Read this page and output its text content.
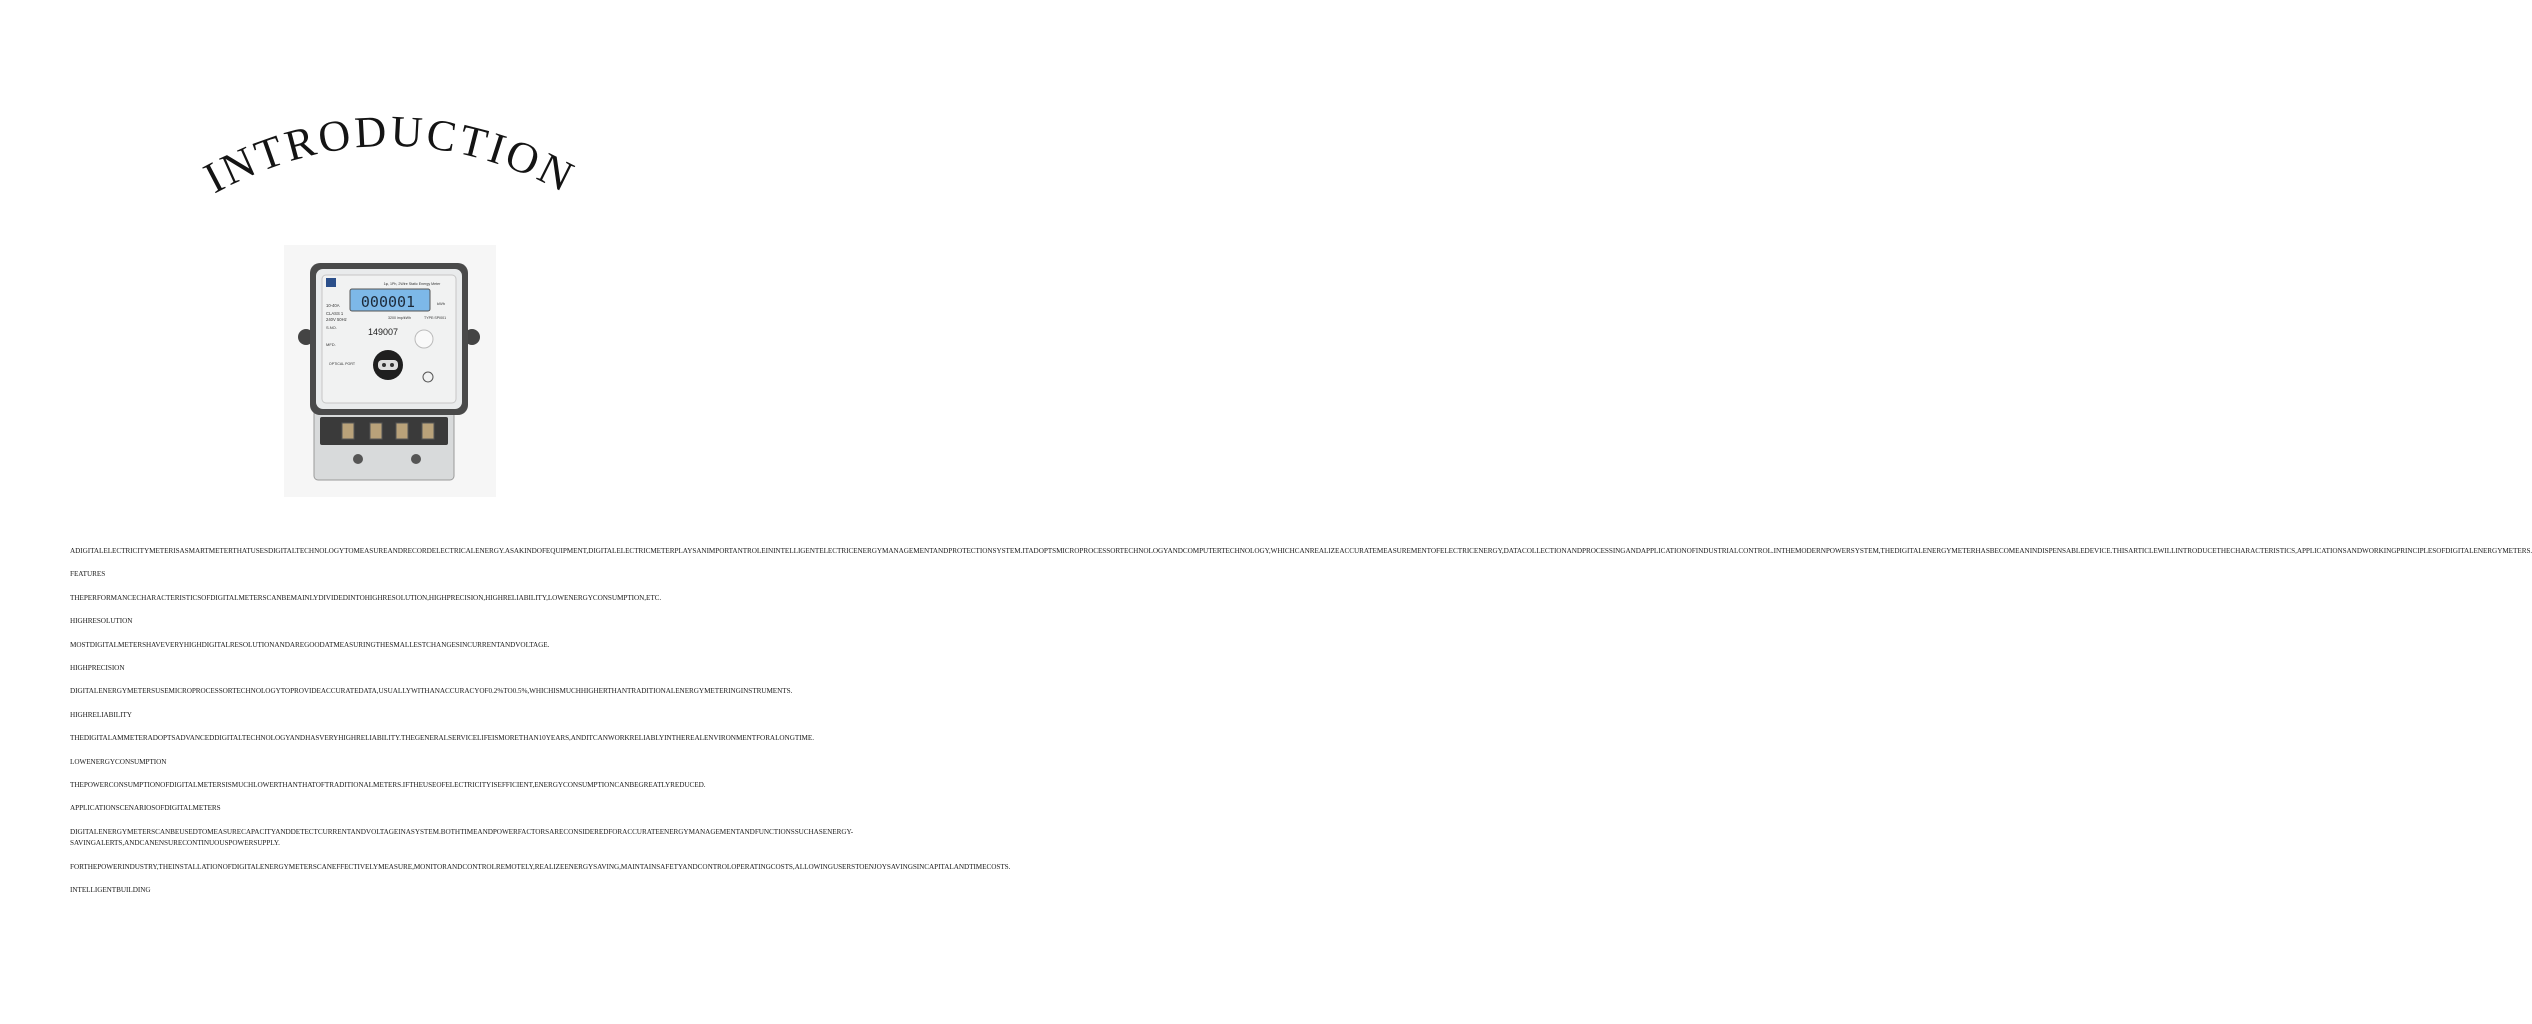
INTRODUCTION
1φ, 1Ph, 2Wire Static Energy Meter
000001	kWh
10-40A
CLASS 1
240V 50Hz	3200 imp/kWh	TYPE:SPI001
S.NO.	149007
MFD.
OPTICAL PORT

ADIGITALELECTRICITYMETERISASMARTMETERTHATUSESDIGITALTECHNOLOGYTOMEASUREANDRECORDELECTRICALENERGY.ASAKINDOFEQUIPMENT,DIGITALELECTRICMETERPLAYSANIMPORTANTROLEININTELLIGENTELECTRICENERGYMANAGEMENTANDPROTECTIONSYSTEM.ITADOPTSMICROPROCESSORTECHNOLOGYANDCOMPUTERTECHNOLOGY,WHICHCANREALIZEACCURATEMEASUREMENTOFELECTRICENERGY,DATACOLLECTIONANDPROCESSINGANDAPPLICATIONOFINDUSTRIALCONTROL.INTHEMODERNPOWERSYSTEM,THEDIGITALENERGYMETERHASBECOMEANINDISPENSABLEDEVICE.THISARTICLEWILLINTRODUCETHECHARACTERISTICS,APPLICATIONSANDWORKINGPRINCIPLESOFDIGITALENERGYMETERS.

FEATURES

THEPERFORMANCECHARACTERISTICSOFDIGITALMETERSCANBEMAINLYDIVIDEDINTOHIGHRESOLUTION,HIGHPRECISION,HIGHRELIABILITY,LOWENERGYCONSUMPTION,ETC.

HIGHRESOLUTION

MOSTDIGITALMETERSHAVEVERYHIGHDIGITALRESOLUTIONANDAREGOODATMEASURINGTHESMALLESTCHANGESINCURRENTANDVOLTAGE.

HIGHPRECISION

DIGITALENERGYMETERSUSEMICROPROCESSORTECHNOLOGYTOPROVIDEACCURATEDATA,USUALLYWITHANACCURACYOF0.2%TO0.5%,WHICHISMUCHHIGHERTHANTRADITIONALENERGYMETERINGINSTRUMENTS.

HIGHRELIABILITY

THEDIGITALAMMETERADOPTSADVANCEDDIGITALTECHNOLOGYANDHASVERYHIGHRELIABILITY.THEGENERALSERVICELIFEISMORETHAN10YEARS,ANDITCANWORKRELIABLYINTHEREALENVIRONMENTFORALONGTIME.

LOWENERGYCONSUMPTION

THEPOWERCONSUMPTIONOFDIGITALMETERSISMUCHLOWERTHANTHATOFTRADITIONALMETERS.IFTHEUSEOFELECTRICITYISEFFICIENT,ENERGYCONSUMPTIONCANBEGREATLYREDUCED.

APPLICATIONSCENARIOSOFDIGITALMETERS

DIGITALENERGYMETERSCANBEUSEDTOMEASURECAPACITYANDDETECTCURRENTANDVOLTAGEINASYSTEM.BOTHTIMEANDPOWERFACTORSARECONSIDEREDFORACCURATEENERGYMANAGEMENTANDFUNCTIONSSUCHASENERGY-SAVINGALERTS,ANDCANENSURECONTINUOUSPOWERSUPPLY.

FORTHEPOWERINDUSTRY,THEINSTALLATIONOFDIGITALENERGYMETERSCANEFFECTIVELYMEASURE,MONITORANDCONTROLREMOTELY,REALIZEENERGYSAVING,MAINTAINSAFETYANDCONTROLOPERATINGCOSTS,ALLOWINGUSERSTOENJOYSAVINGSINCAPITALANDTIMECOSTS.

INTELLIGENTBUILDING
